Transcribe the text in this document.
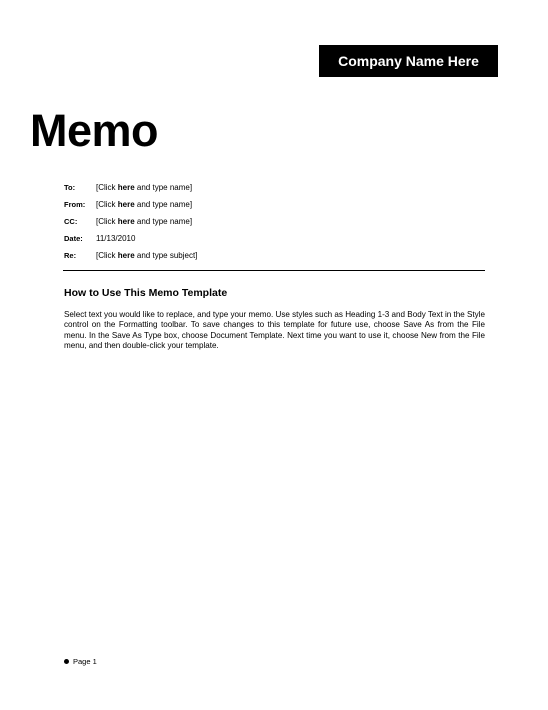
Company Name Here
Memo
To:	[Click here and type name]
From:	[Click here and type name]
CC:	[Click here and type name]
Date:	11/13/2010
Re:	[Click here and type subject]
How to Use This Memo Template
Select text you would like to replace, and type your memo. Use styles such as Heading 1-3 and Body Text in the Style control on the Formatting toolbar. To save changes to this template for future use, choose Save As from the File menu. In the Save As Type box, choose Document Template. Next time you want to use it, choose New from the File menu, and then double-click your template.
Page 1
